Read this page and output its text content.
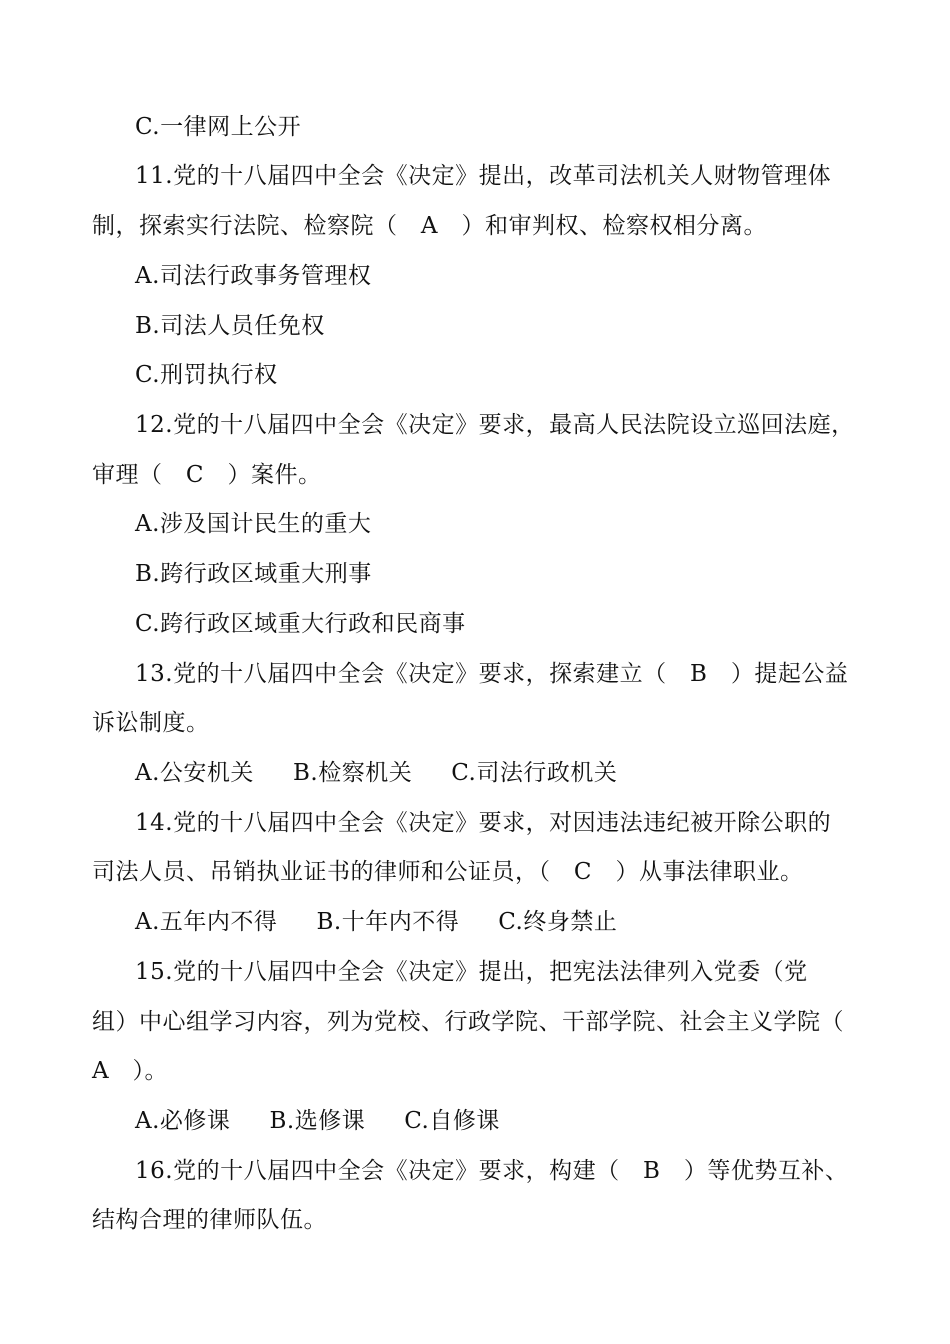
C.一律网上公开
11.党的十八届四中全会《决定》提出，改革司法机关人财物管理体
制，探索实行法院、检察院（   A   ）和审判权、检察权相分离。
A.司法行政事务管理权
B.司法人员任免权
C.刑罚执行权
12.党的十八届四中全会《决定》要求，最高人民法院设立巡回法庭，
审理（   C   ）案件。
A.涉及国计民生的重大
B.跨行政区域重大刑事
C.跨行政区域重大行政和民商事
13.党的十八届四中全会《决定》要求，探索建立（   B   ）提起公益
诉讼制度。
A.公安机关     B.检察机关     C.司法行政机关
14.党的十八届四中全会《决定》要求，对因违法违纪被开除公职的
司法人员、吊销执业证书的律师和公证员，（   C   ）从事法律职业。
A.五年内不得     B.十年内不得     C.终身禁止
15.党的十八届四中全会《决定》提出，把宪法法律列入党委（党
组）中心组学习内容，列为党校、行政学院、干部学院、社会主义学院（
A   ）。
A.必修课     B.选修课     C.自修课
16.党的十八届四中全会《决定》要求，构建（   B   ）等优势互补、
结构合理的律师队伍。
